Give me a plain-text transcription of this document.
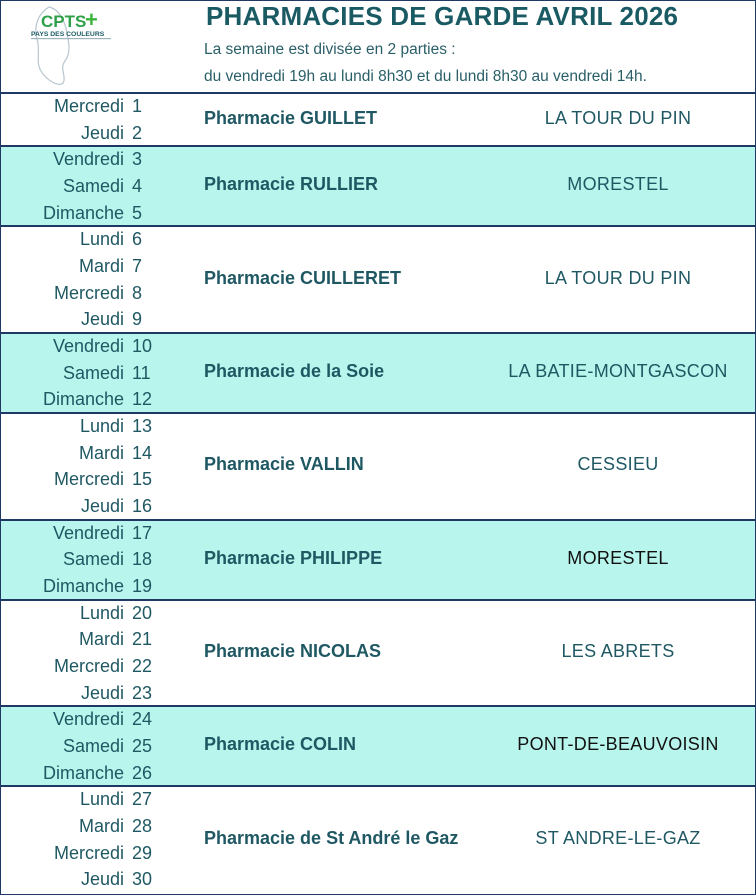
CPTS
+
PAYS DES COULEURS
PHARMACIES DE GARDE AVRIL 2026
La semaine est divisée en 2 parties :
du vendredi 19h au lundi 8h30 et du lundi 8h30 au vendredi 14h.
Mercredi 1
Jeudi 2
Pharmacie GUILLET	LA TOUR DU PIN
Vendredi 3
Samedi 4
Dimanche 5
Pharmacie RULLIER	MORESTEL
Lundi 6
Mardi 7
Mercredi 8
Jeudi 9
Pharmacie CUILLERET	LA TOUR DU PIN
Vendredi 10
Samedi 11
Dimanche 12
Pharmacie de la Soie	LA BATIE-MONTGASCON
Lundi 13
Mardi 14
Mercredi 15
Jeudi 16
Pharmacie VALLIN	CESSIEU
Vendredi 17
Samedi 18
Dimanche 19
Pharmacie PHILIPPE	MORESTEL
Lundi 20
Mardi 21
Mercredi 22
Jeudi 23
Pharmacie NICOLAS	LES ABRETS
Vendredi 24
Samedi 25
Dimanche 26
Pharmacie COLIN	PONT-DE-BEAUVOISIN
Lundi 27
Mardi 28
Mercredi 29
Jeudi 30
Pharmacie de St André le Gaz	ST ANDRE-LE-GAZ
